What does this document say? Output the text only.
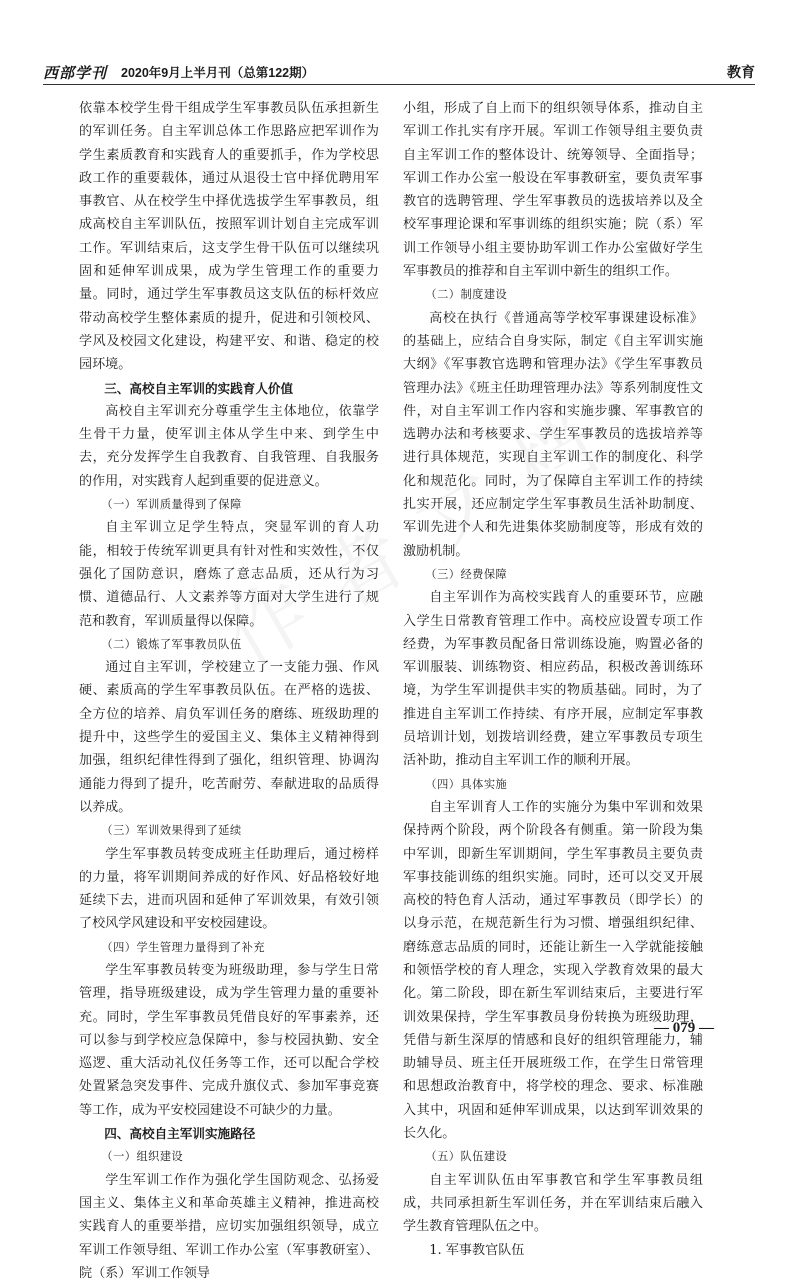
西部学刊 2020年9月上半月刊（总第122期）	教育

依靠本校学生骨干组成学生军事教员队伍承担新生的军训任务。自主军训总体工作思路应把军训作为学生素质教育和实践育人的重要抓手，作为学校思政工作的重要载体，通过从退役士官中择优聘用军事教官、从在校学生中择优选拔学生军事教员，组成高校自主军训队伍，按照军训计划自主完成军训工作。军训结束后，这支学生骨干队伍可以继续巩固和延伸军训成果，成为学生管理工作的重要力量。同时，通过学生军事教员这支队伍的标杆效应带动高校学生整体素质的提升，促进和引领校风、学风及校园文化建设，构建平安、和谐、稳定的校园环境。

三、高校自主军训的实践育人价值

高校自主军训充分尊重学生主体地位，依靠学生骨干力量，使军训主体从学生中来、到学生中去，充分发挥学生自我教育、自我管理、自我服务的作用，对实践育人起到重要的促进意义。

（一）军训质量得到了保障

自主军训立足学生特点，突显军训的育人功能，相较于传统军训更具有针对性和实效性，不仅强化了国防意识，磨炼了意志品质，还从行为习惯、道德品行、人文素养等方面对大学生进行了规范和教育，军训质量得以保障。

（二）锻炼了军事教员队伍

通过自主军训，学校建立了一支能力强、作风硬、素质高的学生军事教员队伍。在严格的选拔、全方位的培养、肩负军训任务的磨练、班级助理的提升中，这些学生的爱国主义、集体主义精神得到加强，组织纪律性得到了强化，组织管理、协调沟通能力得到了提升，吃苦耐劳、奉献进取的品质得以养成。

（三）军训效果得到了延续

学生军事教员转变成班主任助理后，通过榜样的力量，将军训期间养成的好作风、好品格较好地延续下去，进而巩固和延伸了军训效果，有效引领了校风学风建设和平安校园建设。

（四）学生管理力量得到了补充

学生军事教员转变为班级助理，参与学生日常管理，指导班级建设，成为学生管理力量的重要补充。同时，学生军事教员凭借良好的军事素养，还可以参与到学校应急保障中，参与校园执勤、安全巡逻、重大活动礼仪任务等工作，还可以配合学校处置紧急突发事件、完成升旗仪式、参加军事竞赛等工作，成为平安校园建设不可缺少的力量。

四、高校自主军训实施路径

（一）组织建设

学生军训工作作为强化学生国防观念、弘扬爱国主义、集体主义和革命英雄主义精神，推进高校实践育人的重要举措，应切实加强组织领导，成立军训工作领导组、军训工作办公室（军事教研室）、院（系）军训工作领导

小组，形成了自上而下的组织领导体系，推动自主军训工作扎实有序开展。军训工作领导组主要负责自主军训工作的整体设计、统筹领导、全面指导；军训工作办公室一般设在军事教研室，要负责军事教官的选聘管理、学生军事教员的选拔培养以及全校军事理论课和军事训练的组织实施；院（系）军训工作领导小组主要协助军训工作办公室做好学生军事教员的推荐和自主军训中新生的组织工作。

（二）制度建设

高校在执行《普通高等学校军事课建设标准》的基础上，应结合自身实际，制定《自主军训实施大纲》《军事教官选聘和管理办法》《学生军事教员管理办法》《班主任助理管理办法》等系列制度性文件，对自主军训工作内容和实施步骤、军事教官的选聘办法和考核要求、学生军事教员的选拔培养等进行具体规范，实现自主军训工作的制度化、科学化和规范化。同时，为了保障自主军训工作的持续扎实开展，还应制定学生军事教员生活补助制度、军训先进个人和先进集体奖励制度等，形成有效的激励机制。

（三）经费保障

自主军训作为高校实践育人的重要环节，应融入学生日常教育管理工作中。高校应设置专项工作经费，为军事教员配备日常训练设施，购置必备的军训服装、训练物资、相应药品，积极改善训练环境，为学生军训提供丰实的物质基础。同时，为了推进自主军训工作持续、有序开展，应制定军事教员培训计划，划拨培训经费，建立军事教员专项生活补助，推动自主军训工作的顺利开展。

（四）具体实施

自主军训育人工作的实施分为集中军训和效果保持两个阶段，两个阶段各有侧重。第一阶段为集中军训，即新生军训期间，学生军事教员主要负责军事技能训练的组织实施。同时，还可以交叉开展高校的特色育人活动，通过军事教员（即学长）的以身示范，在规范新生行为习惯、增强组织纪律、磨练意志品质的同时，还能让新生一入学就能接触和领悟学校的育人理念，实现入学教育效果的最大化。第二阶段，即在新生军训结束后，主要进行军训效果保持，学生军事教员身份转换为班级助理，凭借与新生深厚的情感和良好的组织管理能力，辅助辅导员、班主任开展班级工作，在学生日常管理和思想政治教育中，将学校的理念、要求、标准融入其中，巩固和延伸军训成果，以达到军训效果的长久化。

（五）队伍建设

自主军训队伍由军事教官和学生军事教员组成，共同承担新生军训任务，并在军训结束后融入学生教育管理队伍之中。

1. 军事教官队伍

— 079 —
